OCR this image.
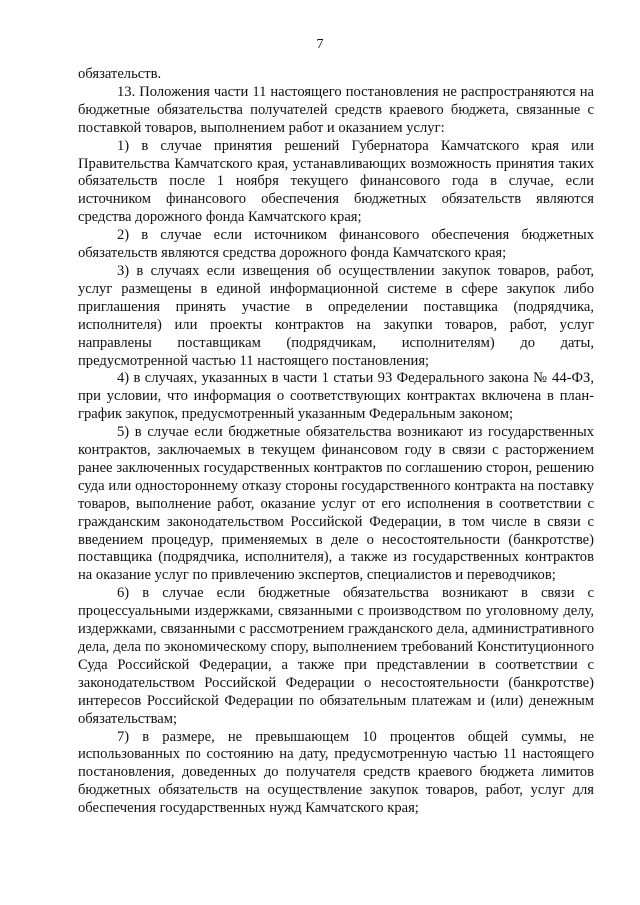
7

обязательств.

13. Положения части 11 настоящего постановления не распространяются на бюджетные обязательства получателей средств краевого бюджета, связанные с поставкой товаров, выполнением работ и оказанием услуг:

1) в случае принятия решений Губернатора Камчатского края или Правительства Камчатского края, устанавливающих возможность принятия таких обязательств после 1 ноября текущего финансового года в случае, если источником финансового обеспечения бюджетных обязательств являются средства дорожного фонда Камчатского края;

2) в случае если источником финансового обеспечения бюджетных обязательств являются средства дорожного фонда Камчатского края;

3) в случаях если извещения об осуществлении закупок товаров, работ, услуг размещены в единой информационной системе в сфере закупок либо приглашения принять участие в определении поставщика (подрядчика, исполнителя) или проекты контрактов на закупки товаров, работ, услуг направлены поставщикам (подрядчикам, исполнителям) до даты, предусмотренной частью 11 настоящего постановления;

4) в случаях, указанных в части 1 статьи 93 Федерального закона № 44-ФЗ, при условии, что информация о соответствующих контрактах включена в план-график закупок, предусмотренный указанным Федеральным законом;

5) в случае если бюджетные обязательства возникают из государственных контрактов, заключаемых в текущем финансовом году в связи с расторжением ранее заключенных государственных контрактов по соглашению сторон, решению суда или одностороннему отказу стороны государственного контракта на поставку товаров, выполнение работ, оказание услуг от его исполнения в соответствии с гражданским законодательством Российской Федерации, в том числе в связи с введением процедур, применяемых в деле о несостоятельности (банкротстве) поставщика (подрядчика, исполнителя), а также из государственных контрактов на оказание услуг по привлечению экспертов, специалистов и переводчиков;

6) в случае если бюджетные обязательства возникают в связи с процессуальными издержками, связанными с производством по уголовному делу, издержками, связанными с рассмотрением гражданского дела, административного дела, дела по экономическому спору, выполнением требований Конституционного Суда Российской Федерации, а также при представлении в соответствии с законодательством Российской Федерации о несостоятельности (банкротстве) интересов Российской Федерации по обязательным платежам и (или) денежным обязательствам;

7) в размере, не превышающем 10 процентов общей суммы, не использованных по состоянию на дату, предусмотренную частью 11 настоящего постановления, доведенных до получателя средств краевого бюджета лимитов бюджетных обязательств на осуществление закупок товаров, работ, услуг для обеспечения государственных нужд Камчатского края;
